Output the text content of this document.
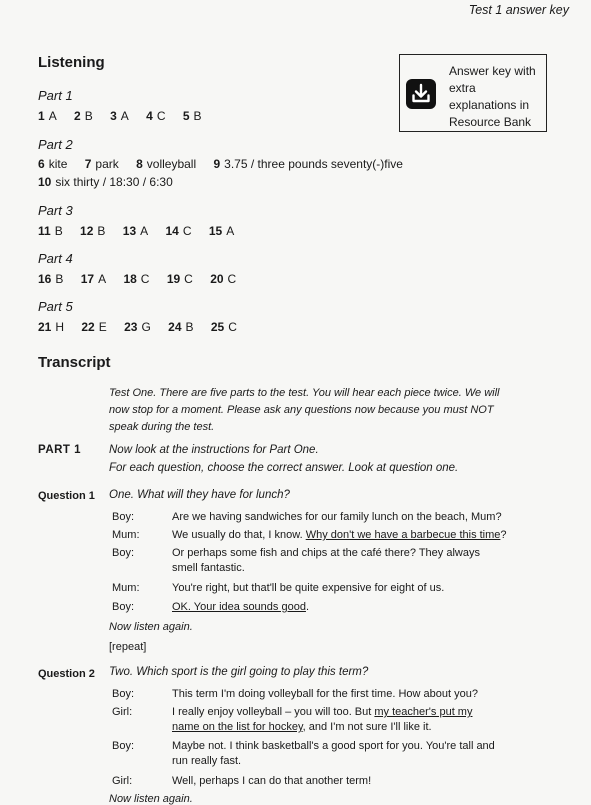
Test 1 answer key
Listening
Part 1
1 A 2 B 3 A 4 C 5 B
Part 2
6 kite 7 park 8 volleyball 9 3.75 / three pounds seventy(-)five
10 six thirty / 18:30 / 6:30
Part 3
11 B 12 B 13 A 14 C 15 A
Part 4
16 B 17 A 18 C 19 C 20 C
Part 5
21 H 22 E 23 G 24 B 25 C
Answer key with extra explanations in Resource Bank
Transcript
Test One. There are five parts to the test. You will hear each piece twice. We will now stop for a moment. Please ask any questions now because you must NOT speak during the test.
PART 1 Now look at the instructions for Part One.
For each question, choose the correct answer. Look at question one.
Question 1 One. What will they have for lunch?
Boy:	Are we having sandwiches for our family lunch on the beach, Mum?
Mum:	We usually do that, I know. Why don't we have a barbecue this time?
Boy:	Or perhaps some fish and chips at the café there? They always smell fantastic.
Mum:	You're right, but that'll be quite expensive for eight of us.
Boy:	OK. Your idea sounds good.
Now listen again.
[repeat]
Question 2 Two. Which sport is the girl going to play this term?
Boy:	This term I'm doing volleyball for the first time. How about you?
Girl:	I really enjoy volleyball – you will too. But my teacher's put my name on the list for hockey, and I'm not sure I'll like it.
Boy:	Maybe not. I think basketball's a good sport for you. You're tall and run really fast.
Girl:	Well, perhaps I can do that another term!
Now listen again.
